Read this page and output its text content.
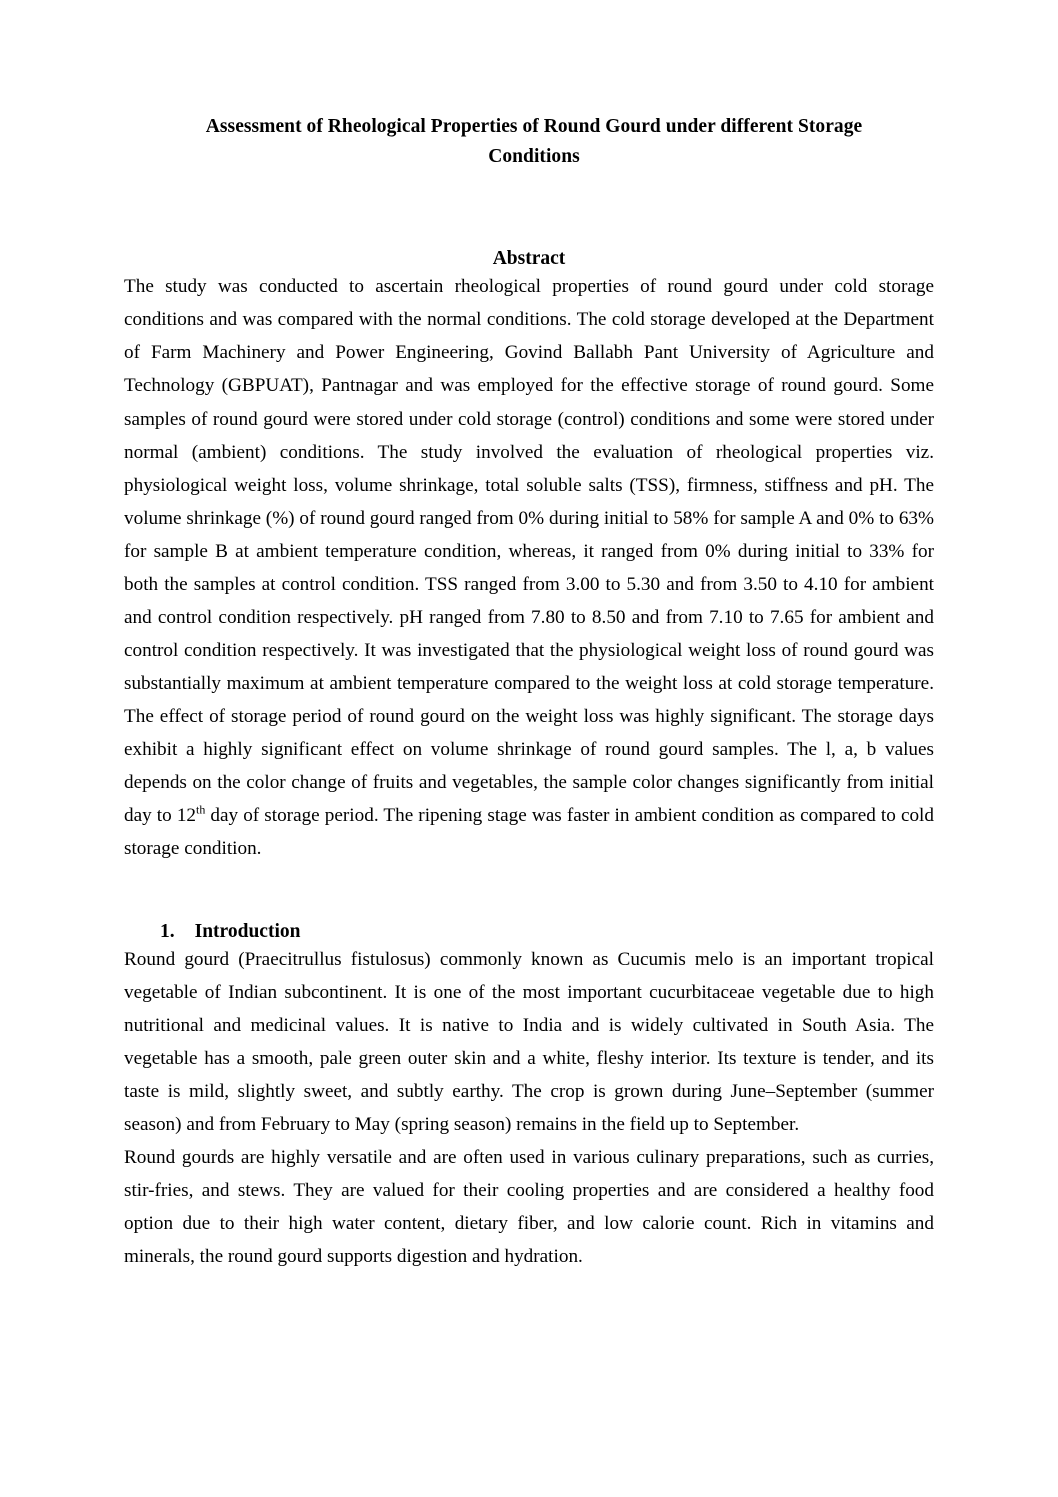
Assessment of Rheological Properties of Round Gourd under different Storage Conditions
Abstract

The study was conducted to ascertain rheological properties of round gourd under cold storage conditions and was compared with the normal conditions. The cold storage developed at the Department of Farm Machinery and Power Engineering, Govind Ballabh Pant University of Agriculture and Technology (GBPUAT), Pantnagar and was employed for the effective storage of round gourd. Some samples of round gourd were stored under cold storage (control) conditions and some were stored under normal (ambient) conditions. The study involved the evaluation of rheological properties viz. physiological weight loss, volume shrinkage, total soluble salts (TSS), firmness, stiffness and pH. The volume shrinkage (%) of round gourd ranged from 0% during initial to 58% for sample A and 0% to 63% for sample B at ambient temperature condition, whereas, it ranged from 0% during initial to 33% for both the samples at control condition. TSS ranged from 3.00 to 5.30 and from 3.50 to 4.10 for ambient and control condition respectively. pH ranged from 7.80 to 8.50 and from 7.10 to 7.65 for ambient and control condition respectively. It was investigated that the physiological weight loss of round gourd was substantially maximum at ambient temperature compared to the weight loss at cold storage temperature. The effect of storage period of round gourd on the weight loss was highly significant. The storage days exhibit a highly significant effect on volume shrinkage of round gourd samples. The l, a, b values depends on the color change of fruits and vegetables, the sample color changes significantly from initial day to 12th day of storage period. The ripening stage was faster in ambient condition as compared to cold storage condition.

1. Introduction

Round gourd (Praecitrullus fistulosus) commonly known as Cucumis melo is an important tropical vegetable of Indian subcontinent. It is one of the most important cucurbitaceae vegetable due to high nutritional and medicinal values. It is native to India and is widely cultivated in South Asia. The vegetable has a smooth, pale green outer skin and a white, fleshy interior. Its texture is tender, and its taste is mild, slightly sweet, and subtly earthy. The crop is grown during June–September (summer season) and from February to May (spring season) remains in the field up to September.

Round gourds are highly versatile and are often used in various culinary preparations, such as curries, stir-fries, and stews. They are valued for their cooling properties and are considered a healthy food option due to their high water content, dietary fiber, and low calorie count. Rich in vitamins and minerals, the round gourd supports digestion and hydration.
